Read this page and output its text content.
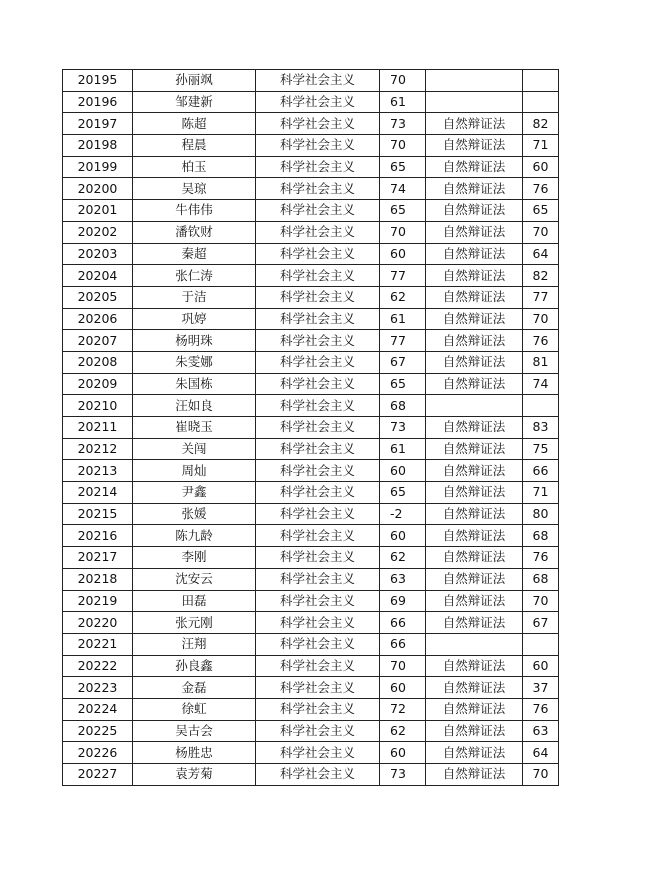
20195	孙丽飒	科学社会主义	70		
20196	邹建新	科学社会主义	61		
20197	陈超	科学社会主义	73	自然辩证法	82
20198	程晨	科学社会主义	70	自然辩证法	71
20199	柏玉	科学社会主义	65	自然辩证法	60
20200	吴琼	科学社会主义	74	自然辩证法	76
20201	牛伟伟	科学社会主义	65	自然辩证法	65
20202	潘钦财	科学社会主义	70	自然辩证法	70
20203	秦超	科学社会主义	60	自然辩证法	64
20204	张仁涛	科学社会主义	77	自然辩证法	82
20205	于洁	科学社会主义	62	自然辩证法	77
20206	巩婷	科学社会主义	61	自然辩证法	70
20207	杨明珠	科学社会主义	77	自然辩证法	76
20208	朱雯娜	科学社会主义	67	自然辩证法	81
20209	朱国栋	科学社会主义	65	自然辩证法	74
20210	汪如良	科学社会主义	68		
20211	崔晓玉	科学社会主义	73	自然辩证法	83
20212	关闯	科学社会主义	61	自然辩证法	75
20213	周灿	科学社会主义	60	自然辩证法	66
20214	尹鑫	科学社会主义	65	自然辩证法	71
20215	张媛	科学社会主义	-2	自然辩证法	80
20216	陈九龄	科学社会主义	60	自然辩证法	68
20217	李刚	科学社会主义	62	自然辩证法	76
20218	沈安云	科学社会主义	63	自然辩证法	68
20219	田磊	科学社会主义	69	自然辩证法	70
20220	张元刚	科学社会主义	66	自然辩证法	67
20221	汪翔	科学社会主义	66		
20222	孙良鑫	科学社会主义	70	自然辩证法	60
20223	金磊	科学社会主义	60	自然辩证法	37
20224	徐虹	科学社会主义	72	自然辩证法	76
20225	吴古会	科学社会主义	62	自然辩证法	63
20226	杨胜忠	科学社会主义	60	自然辩证法	64
20227	袁芳菊	科学社会主义	73	自然辩证法	70
